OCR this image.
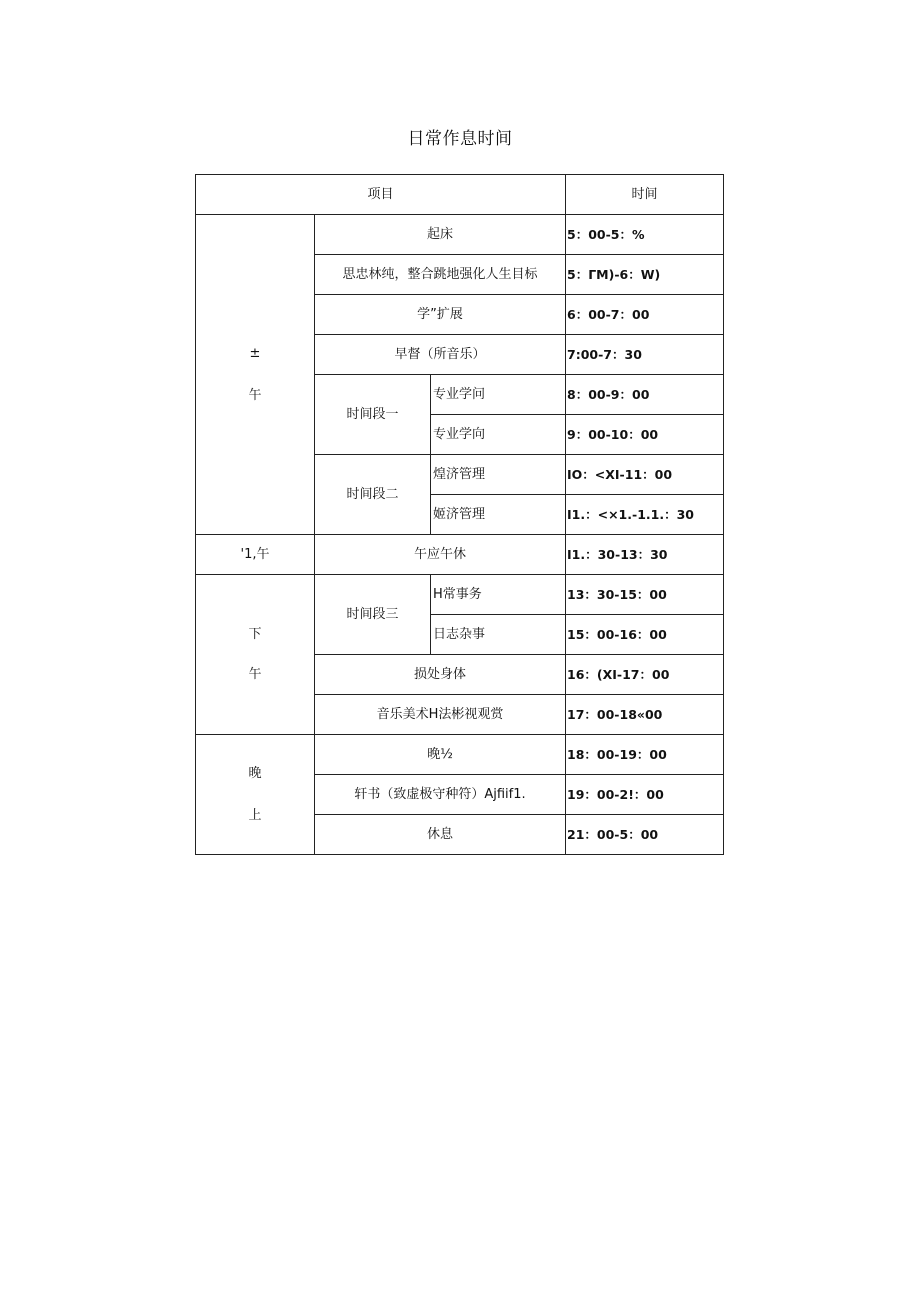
日常作息时间
项目			时间

±
午	起床		5：00-5：%
	思忠林纯，整合跳地强化人生目标		5：ΓM)-6：W)
	学”扩展		6：00-7：00
	早督（所音乐）		7:00-7：30
	时间段一	专业学问	8：00-9：00
		专业学向	9：00-10：00
	时间段二	煌济管理	IO：<XI-11：00
		姬济管理	I1.：<×1.-1.1.：30
'1,午	午应午休		I1.：30-13：30

下
午	时间段三	H常事务	13：30-15：00
		日志杂事	15：00-16：00
	损处身体		16：(XI-17：00
	音乐美术H法彬视观赏		17：00-18«00

晚
上	晚½		18：00-19：00
	轩书（致虚极守种符）Ajfiif1.		19：00-2!：00
	休息		21：00-5：00
